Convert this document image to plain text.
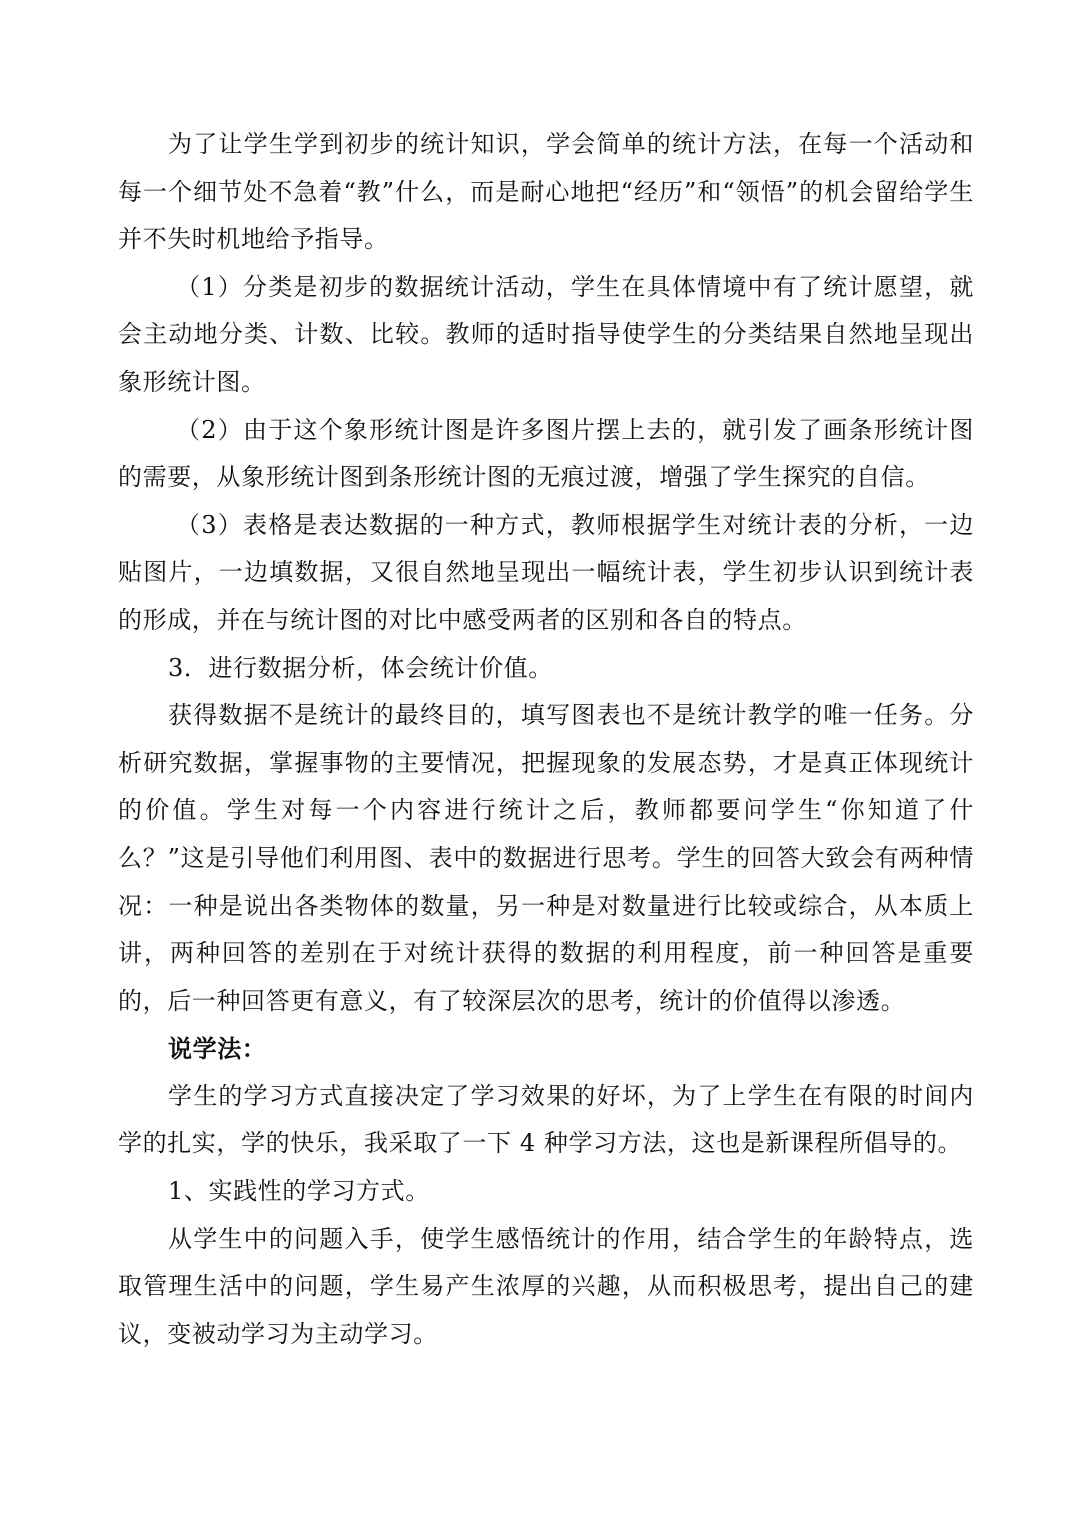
为了让学生学到初步的统计知识，学会简单的统计方法，在每一个活动和每一个细节处不急着“教”什么，而是耐心地把“经历”和“领悟”的机会留给学生并不失时机地给予指导。

（1）分类是初步的数据统计活动，学生在具体情境中有了统计愿望，就会主动地分类、计数、比较。教师的适时指导使学生的分类结果自然地呈现出象形统计图。

（2）由于这个象形统计图是许多图片摆上去的，就引发了画条形统计图的需要，从象形统计图到条形统计图的无痕过渡，增强了学生探究的自信。

（3）表格是表达数据的一种方式，教师根据学生对统计表的分析，一边贴图片，一边填数据，又很自然地呈现出一幅统计表，学生初步认识到统计表的形成，并在与统计图的对比中感受两者的区别和各自的特点。

3．进行数据分析，体会统计价值。

获得数据不是统计的最终目的，填写图表也不是统计教学的唯一任务。分析研究数据，掌握事物的主要情况，把握现象的发展态势，才是真正体现统计的价值。学生对每一个内容进行统计之后，教师都要问学生“你知道了什么？”这是引导他们利用图、表中的数据进行思考。学生的回答大致会有两种情况：一种是说出各类物体的数量，另一种是对数量进行比较或综合，从本质上讲，两种回答的差别在于对统计获得的数据的利用程度，前一种回答是重要的，后一种回答更有意义，有了较深层次的思考，统计的价值得以渗透。

说学法：

学生的学习方式直接决定了学习效果的好坏，为了上学生在有限的时间内学的扎实，学的快乐，我采取了一下 4 种学习方法，这也是新课程所倡导的。

1、实践性的学习方式。

从学生中的问题入手，使学生感悟统计的作用，结合学生的年龄特点，选取管理生活中的问题，学生易产生浓厚的兴趣，从而积极思考，提出自己的建议，变被动学习为主动学习。
